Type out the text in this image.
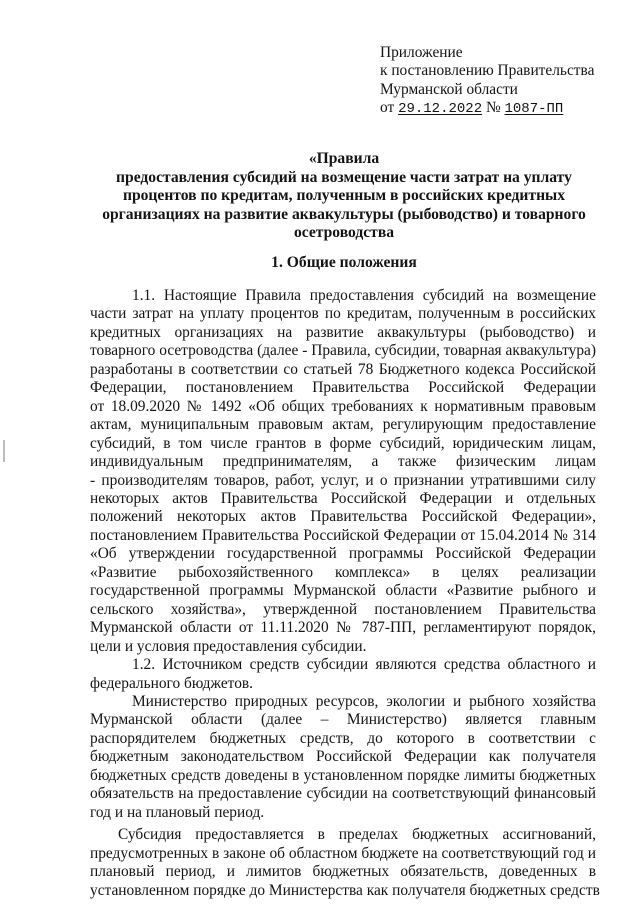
Приложение
к постановлению Правительства
Мурманской области
от 29.12.2022 № 1087-ПП
«Правила
предоставления субсидий на возмещение части затрат на уплату
процентов по кредитам, полученным в российских кредитных
организациях на развитие аквакультуры (рыбоводство) и товарного
осетроводства
1. Общие положения
1.1. Настоящие Правила предоставления субсидий на возмещение
части затрат на уплату процентов по кредитам, полученным в российских
кредитных организациях на развитие аквакультуры (рыбоводство) и
товарного осетроводства (далее - Правила, субсидии, товарная аквакультура)
разработаны в соответствии со статьей 78 Бюджетного кодекса Российской
Федерации, постановлением Правительства Российской Федерации
от 18.09.2020 № 1492 «Об общих требованиях к нормативным правовым
актам, муниципальным правовым актам, регулирующим предоставление
субсидий, в том числе грантов в форме субсидий, юридическим лицам,
индивидуальным предпринимателям, а также физическим лицам
- производителям товаров, работ, услуг, и о признании утратившими силу
некоторых актов Правительства Российской Федерации и отдельных
положений некоторых актов Правительства Российской Федерации»,
постановлением Правительства Российской Федерации от 15.04.2014 № 314
«Об утверждении государственной программы Российской Федерации
«Развитие рыбохозяйственного комплекса» в целях реализации
государственной программы Мурманской области «Развитие рыбного и
сельского хозяйства», утвержденной постановлением Правительства
Мурманской области от 11.11.2020 № 787-ПП, регламентируют порядок,
цели и условия предоставления субсидии.
1.2. Источником средств субсидии являются средства областного и
федерального бюджетов.
Министерство природных ресурсов, экологии и рыбного хозяйства
Мурманской области (далее – Министерство) является главным
распорядителем бюджетных средств, до которого в соответствии с
бюджетным законодательством Российской Федерации как получателя
бюджетных средств доведены в установленном порядке лимиты бюджетных
обязательств на предоставление субсидии на соответствующий финансовый
год и на плановый период.
Субсидия предоставляется в пределах бюджетных ассигнований,
предусмотренных в законе об областном бюджете на соответствующий год и
плановый период, и лимитов бюджетных обязательств, доведенных в
установленном порядке до Министерства как получателя бюджетных средств
